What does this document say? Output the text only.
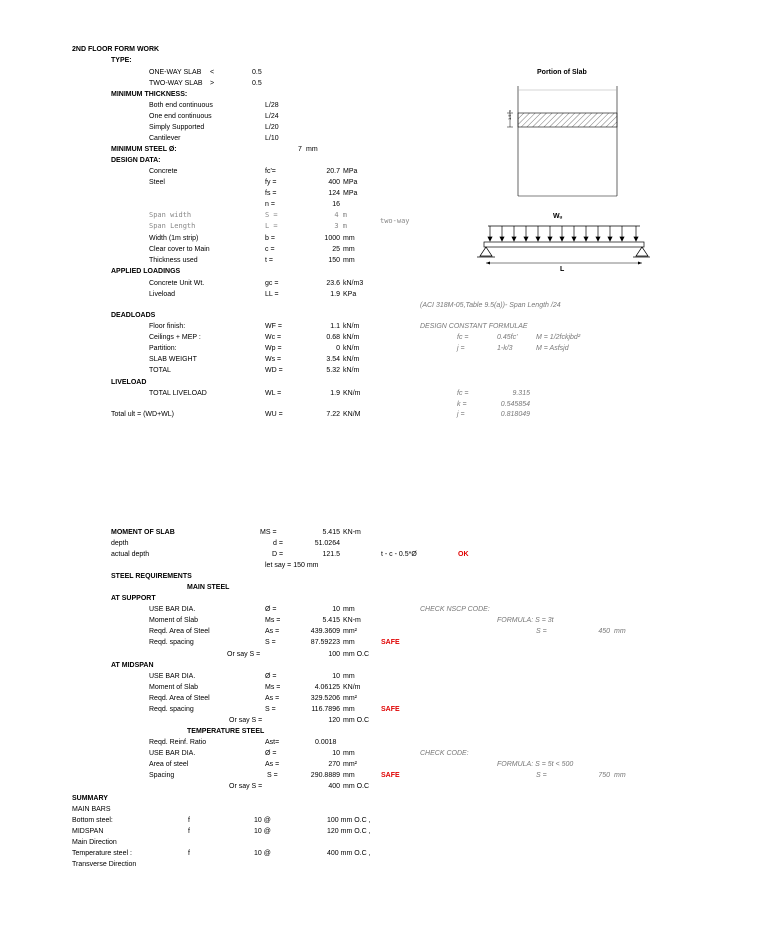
2ND FLOOR FORM WORK
TYPE:
ONE-WAY SLAB <	0.5
TWO-WAY SLAB >	0.5
MINIMUM THICKNESS:
Both end continuous	L/28
One end continuous	L/24
Simply Supported	L/20
Cantilever	L/10
MINIMUM STEEL Ø:	7 mm
DESIGN DATA:
Concrete	fc'=	20.7 MPa
Steel	fy =	400 MPa
fs =	124 MPa
n =	16
Span width	S =	4 m
two-way
Span Length	L =	3 m
Width (1m strip)	b =	1000 mm
Clear cover to Main	c =	25 mm
Thickness used	t =	150 mm
APPLIED LOADINGS
Concrete Unit Wt.	gc =	23.6 kN/m3
Liveload	LL =	1.9 KPa
DEADLOADS
Floor finish:	WF =	1.1 kN/m
Ceilings + MEP :	Wc =	0.68 kN/m
Partition:	Wp =	0 kN/m
SLAB WEIGHT	Ws =	3.54 kN/m
TOTAL	WD =	5.32 kN/m
LIVELOAD
TOTAL LIVELOAD	WL =	1.9 KN/m
Total ult = (WD+WL)	WU =	7.22 KN/M
(ACI 318M-05,Table 9.5(a))- Span Length /24
DESIGN CONSTANT FORMULAE
fc =	0.45fc'	M = 1/2fckjbd²
j =	1-k/3	M = Asfsjd
fc =	9.315
k =	0.545854
j =	0.818049
Portion of Slab
1.5 m
Wᵤ
L
MOMENT OF SLAB	MS =	5.415 KN-m
depth	d =	51.0264
actual depth	D =	121.5	t - c - 0.5*Ø	OK
let say = 150 mm
STEEL REQUIREMENTS
MAIN STEEL
AT SUPPORT
USE BAR DIA.	Ø =	10 mm
Moment of Slab	Ms =	5.415 KN-m
Reqd. Area of Steel	As =	439.3609 mm²
Reqd. spacing	S =	87.59223 mm	SAFE
Or say S =	100 mm O.C
CHECK NSCP CODE:
FORMULA: S = 3t
S =	450 mm
AT MIDSPAN
USE BAR DIA.	Ø =	10 mm
Moment of Slab	Ms =	4.06125 KN/m
Reqd. Area of Steel	As =	329.5206 mm²
Reqd. spacing	S =	116.7896 mm	SAFE
Or say S =	120 mm O.C
TEMPERATURE STEEL
Reqd. Reinf. Ratio	Ast=	0.0018
USE BAR DIA.	Ø =	10 mm
Area of steel	As =	270 mm²
Spacing	S =	290.8889 mm	SAFE
Or say S =	400 mm O.C
CHECK CODE:
FORMULA: S = 5t < 500
S =	750 mm
SUMMARY
MAIN BARS
Bottom steel:	f	10 @	100 mm O.C ,
MIDSPAN	f	10 @	120 mm O.C ,
Main Direction
Temperature steel :	f	10 @	400 mm O.C ,
Transverse Direction
